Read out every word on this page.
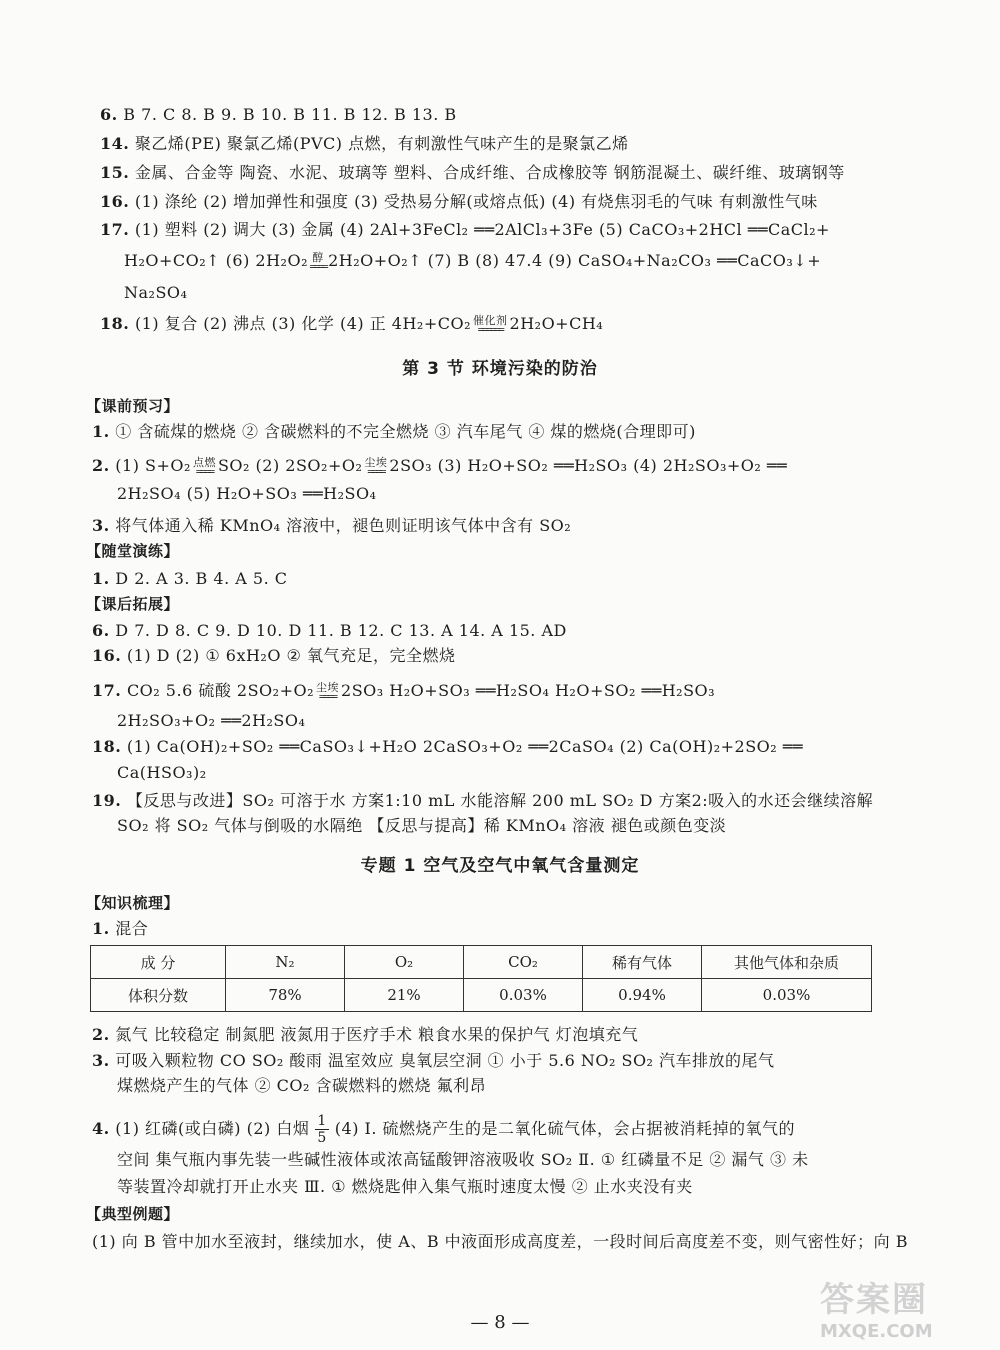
6. B 7. C 8. B 9. B 10. B 11. B 12. B 13. B
14. 聚乙烯(PE) 聚氯乙烯(PVC) 点燃，有刺激性气味产生的是聚氯乙烯
15. 金属、合金等 陶瓷、水泥、玻璃等 塑料、合成纤维、合成橡胶等 钢筋混凝土、碳纤维、玻璃钢等
16. (1) 涤纶 (2) 增加弹性和强度 (3) 受热易分解(或熔点低) (4) 有烧焦羽毛的气味 有刺激性气味
17. (1) 塑料 (2) 调大 (3) 金属 (4) 2Al+3FeCl₂ ══2AlCl₃+3Fe (5) CaCO₃+2HCl ══CaCl₂+
Na₂SO₄
3. 将气体通入稀 KMnO₄ 溶液中，褪色则证明该气体中含有 SO₂
1. D 2. A 3. B 4. A 5. C
6. D 7. D 8. C 9. D 10. D 11. B 12. C 13. A 14. A 15. AD
16. (1) D (2) ① 6xH₂O ② 氧气充足，完全燃烧
2H₂SO₃+O₂ ══2H₂SO₄
18. (1) Ca(OH)₂+SO₂ ══CaSO₃↓+H₂O 2CaSO₃+O₂ ══2CaSO₄ (2) Ca(OH)₂+2SO₂ ══
Ca(HSO₃)₂
19. 【反思与改进】SO₂ 可溶于水 方案1:10 mL 水能溶解 200 mL SO₂ D 方案2:吸入的水还会继续溶解
SO₂ 将 SO₂ 气体与倒吸的水隔绝 【反思与提高】稀 KMnO₄ 溶液 褪色或颜色变淡
1. 混合
2. 氮气 比较稳定 制氮肥 液氮用于医疗手术 粮食水果的保护气 灯泡填充气
3. 可吸入颗粒物 CO SO₂ 酸雨 温室效应 臭氧层空洞 ① 小于 5.6 NO₂ SO₂ 汽车排放的尾气
煤燃烧产生的气体 ② CO₂ 含碳燃料的燃烧 氟利昂
空间 集气瓶内事先装一些碱性液体或浓高锰酸钾溶液吸收 SO₂ Ⅱ. ① 红磷量不足 ② 漏气 ③ 未
等装置冷却就打开止水夹 Ⅲ. ① 燃烧匙伸入集气瓶时速度太慢 ② 止水夹没有夹
(1) 向 B 管中加水至液封，继续加水，使 A、B 中液面形成高度差，一段时间后高度差不变，则气密性好；向 B
H₂O+CO₂↑ (6) 2H₂O₂ 醇
════ 2H₂O+O₂↑ (7) B (8) 47.4 (9) CaSO₄+Na₂CO₃ ══CaCO₃↓+
18. (1) 复合 (2) 沸点 (3) 化学 (4) 正 4H₂+CO₂ 催化剂
══════ 2H₂O+CH₄
第 3 节 环境污染的防治
【课前预习】
1. ① 含硫煤的燃烧 ② 含碳燃料的不完全燃烧 ③ 汽车尾气 ④ 煤的燃烧(合理即可)
2. (1) S+O₂ 点燃
════ SO₂ (2) 2SO₂+O₂ 尘埃
════ 2SO₃ (3) H₂O+SO₂ ══H₂SO₃ (4) 2H₂SO₃+O₂ ══
2H₂SO₄ (5) H₂O+SO₃ ══H₂SO₄
【随堂演练】
【课后拓展】
17. CO₂ 5.6 硫酸 2SO₂+O₂ 尘埃
════ 2SO₃ H₂O+SO₃ ══H₂SO₄ H₂O+SO₂ ══H₂SO₃
专题 1 空气及空气中氧气含量测定
【知识梳理】
成 分	N₂	O₂	CO₂	稀有气体	其他气体和杂质
体积分数	78%	21%	0.03%	0.94%	0.03%
4. (1) 红磷(或白磷) (2) 白烟 $\frac{1}{5} (4)$ Ⅰ. 硫燃烧产生的是二氧化硫气体，会占据被消耗掉的氧气的
【典型例题】
— 8 —
答案圈
MXQE.COM
